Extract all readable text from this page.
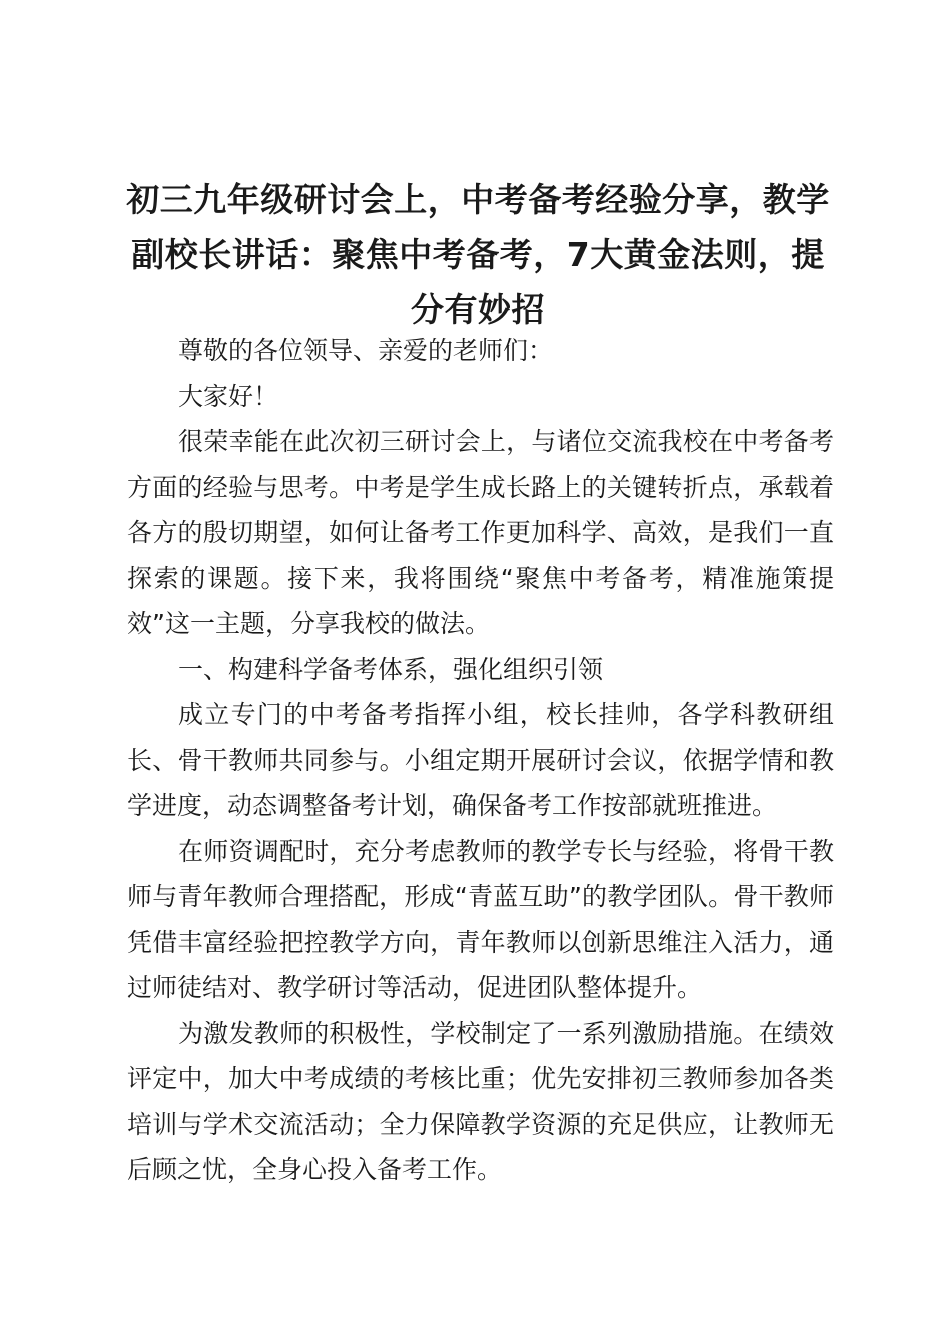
初三九年级研讨会上，中考备考经验分享，教学副校长讲话：聚焦中考备考，7大黄金法则，提分有妙招

尊敬的各位领导、亲爱的老师们：

大家好！

很荣幸能在此次初三研讨会上，与诸位交流我校在中考备考方面的经验与思考。中考是学生成长路上的关键转折点，承载着各方的殷切期望，如何让备考工作更加科学、高效，是我们一直探索的课题。接下来，我将围绕“聚焦中考备考，精准施策提效”这一主题，分享我校的做法。

一、构建科学备考体系，强化组织引领

成立专门的中考备考指挥小组，校长挂帅，各学科教研组长、骨干教师共同参与。小组定期开展研讨会议，依据学情和教学进度，动态调整备考计划，确保备考工作按部就班推进。

在师资调配时，充分考虑教师的教学专长与经验，将骨干教师与青年教师合理搭配，形成“青蓝互助”的教学团队。骨干教师凭借丰富经验把控教学方向，青年教师以创新思维注入活力，通过师徒结对、教学研讨等活动，促进团队整体提升。

为激发教师的积极性，学校制定了一系列激励措施。在绩效评定中，加大中考成绩的考核比重；优先安排初三教师参加各类培训与学术交流活动；全力保障教学资源的充足供应，让教师无后顾之忧，全身心投入备考工作。
